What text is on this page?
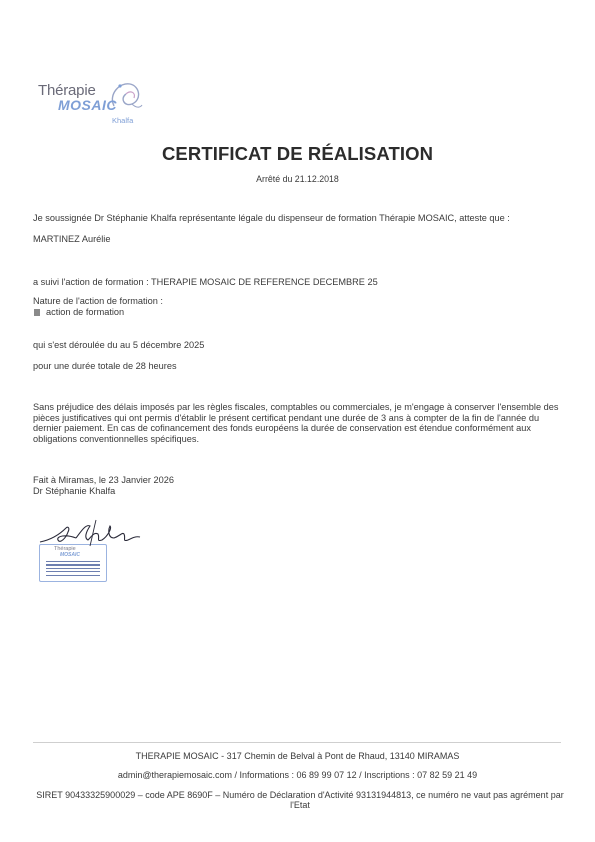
Thérapie
MOSAIC
Khalfa
CERTIFICAT DE RÉALISATION
Arrêté du 21.12.2018
Je soussignée Dr Stéphanie Khalfa représentante légale du dispenseur de formation Thérapie MOSAIC, atteste que :
MARTINEZ Aurélie
a suivi l'action de formation : THERAPIE MOSAIC DE REFERENCE DECEMBRE 25
Nature de l'action de formation :
action de formation
qui s'est déroulée du au 5 décembre 2025
pour une durée totale de 28 heures
Sans préjudice des délais imposés par les règles fiscales, comptables ou commerciales, je m'engage à conserver l'ensemble des pièces justificatives qui ont permis d'établir le présent certificat pendant une durée de 3 ans à compter de la fin de l'année du dernier paiement. En cas de cofinancement des fonds européens la durée de conservation est étendue conformément aux obligations conventionnelles spécifiques.
Fait à Miramas, le 23 Janvier 2026
Dr Stéphanie Khalfa
Thérapie
MOSAIC
THERAPIE MOSAIC - 317 Chemin de Belval à Pont de Rhaud, 13140 MIRAMAS
admin@therapiemosaic.com / Informations : 06 89 99 07 12 / Inscriptions : 07 82 59 21 49
SIRET 90433325900029 – code APE 8690F – Numéro de Déclaration d'Activité 93131944813, ce numéro ne vaut pas agrément par l'Etat
